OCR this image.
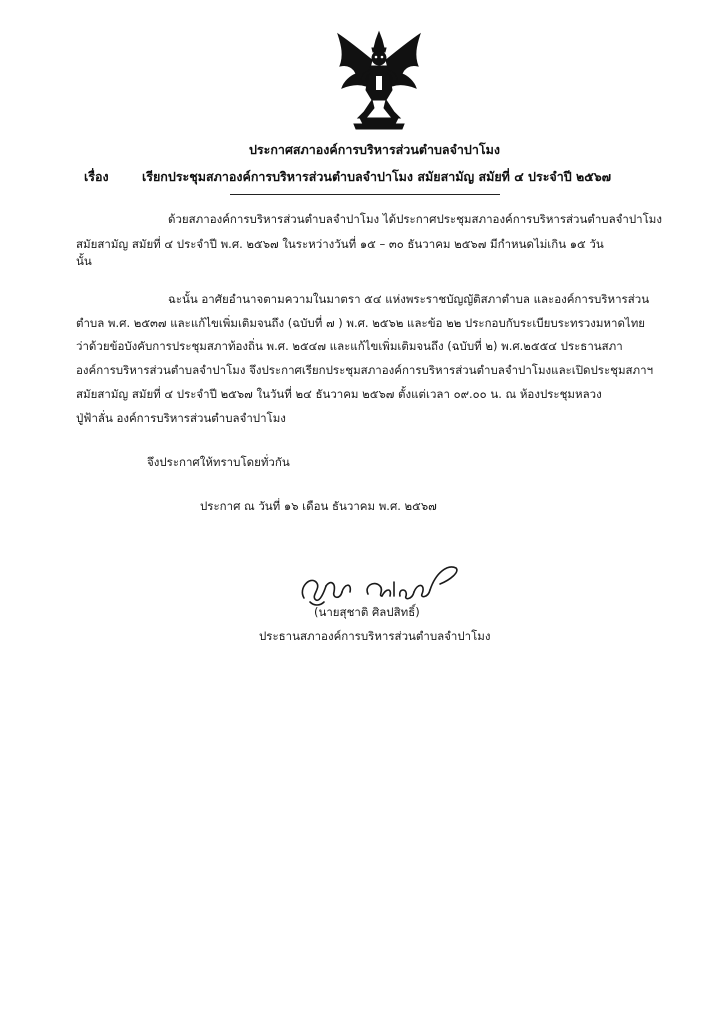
ประกาศสภาองค์การบริหารส่วนตำบลจำปาโมง
เรื่อง	เรียกประชุมสภาองค์การบริหารส่วนตำบลจำปาโมง สมัยสามัญ สมัยที่ ๔ ประจำปี ๒๕๖๗
ด้วยสภาองค์การบริหารส่วนตำบลจำปาโมง ได้ประกาศประชุมสภาองค์การบริหารส่วนตำบลจำปาโมง
สมัยสามัญ สมัยที่ ๔ ประจำปี พ.ศ. ๒๕๖๗ ในระหว่างวันที่ ๑๕ – ๓๐ ธันวาคม ๒๕๖๗ มีกำหนดไม่เกิน ๑๕ วัน
นั้น
ฉะนั้น อาศัยอำนาจตามความในมาตรา ๕๔ แห่งพระราชบัญญัติสภาตำบล และองค์การบริหารส่วน
ตำบล พ.ศ. ๒๕๓๗ และแก้ไขเพิ่มเติมจนถึง (ฉบับที่ ๗ ) พ.ศ. ๒๕๖๒ และข้อ ๒๒ ประกอบกับระเบียบระทรวงมหาดไทย
ว่าด้วยข้อบังคับการประชุมสภาท้องถิ่น พ.ศ. ๒๕๔๗ และแก้ไขเพิ่มเติมจนถึง (ฉบับที่ ๒) พ.ศ.๒๕๕๔ ประธานสภา
องค์การบริหารส่วนตำบลจำปาโมง จึงประกาศเรียกประชุมสภาองค์การบริหารส่วนตำบลจำปาโมงและเปิดประชุมสภาฯ
สมัยสามัญ สมัยที่ ๔ ประจำปี ๒๕๖๗ ในวันที่ ๒๔ ธันวาคม ๒๕๖๗ ตั้งแต่เวลา ๐๙.๐๐ น. ณ ห้องประชุมหลวง
ปู่ฟ้าลั่น องค์การบริหารส่วนตำบลจำปาโมง
จึงประกาศให้ทราบโดยทั่วกัน
ประกาศ ณ วันที่ ๑๖ เดือน ธันวาคม พ.ศ. ๒๕๖๗
(นายสุชาติ ศิลปสิทธิ์)
ประธานสภาองค์การบริหารส่วนตำบลจำปาโมง
